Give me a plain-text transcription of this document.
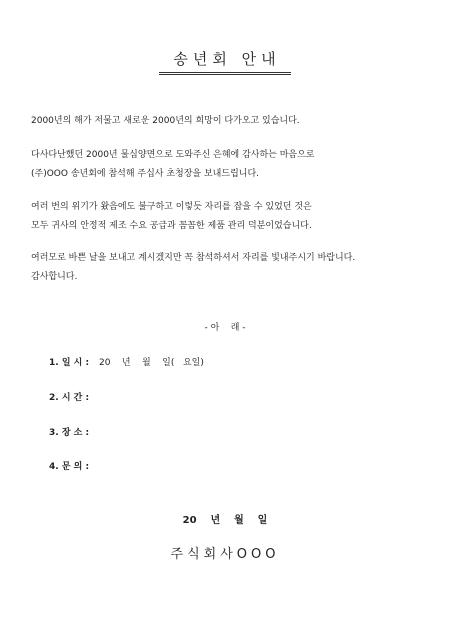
송년회 안내
2000년의 해가 저물고 새로운 2000년의 희망이 다가오고 있습니다.
다사다난했던 2000년 물심양면으로 도와주신 은혜에 감사하는 마음으로
(주)OOO 송년회에 참석해 주십사 초청장을 보내드립니다.
여러 번의 위기가 왔음에도 불구하고 이렇듯 자리를 잡을 수 있었던 것은
모두 귀사의 안정적 제조 수요 공급과 꼼꼼한 제품 관리 덕분이었습니다.
여러모로 바쁜 날을 보내고 계시겠지만 꼭 참석하셔서 자리를 빛내주시기 바랍니다.
감사합니다.
- 아    래 -
1. 일 시 : 20    년    월    일(   요일)
2. 시 간 :
3. 장 소 :
4. 문 의 :
20    년    월    일
주식회사OOO
